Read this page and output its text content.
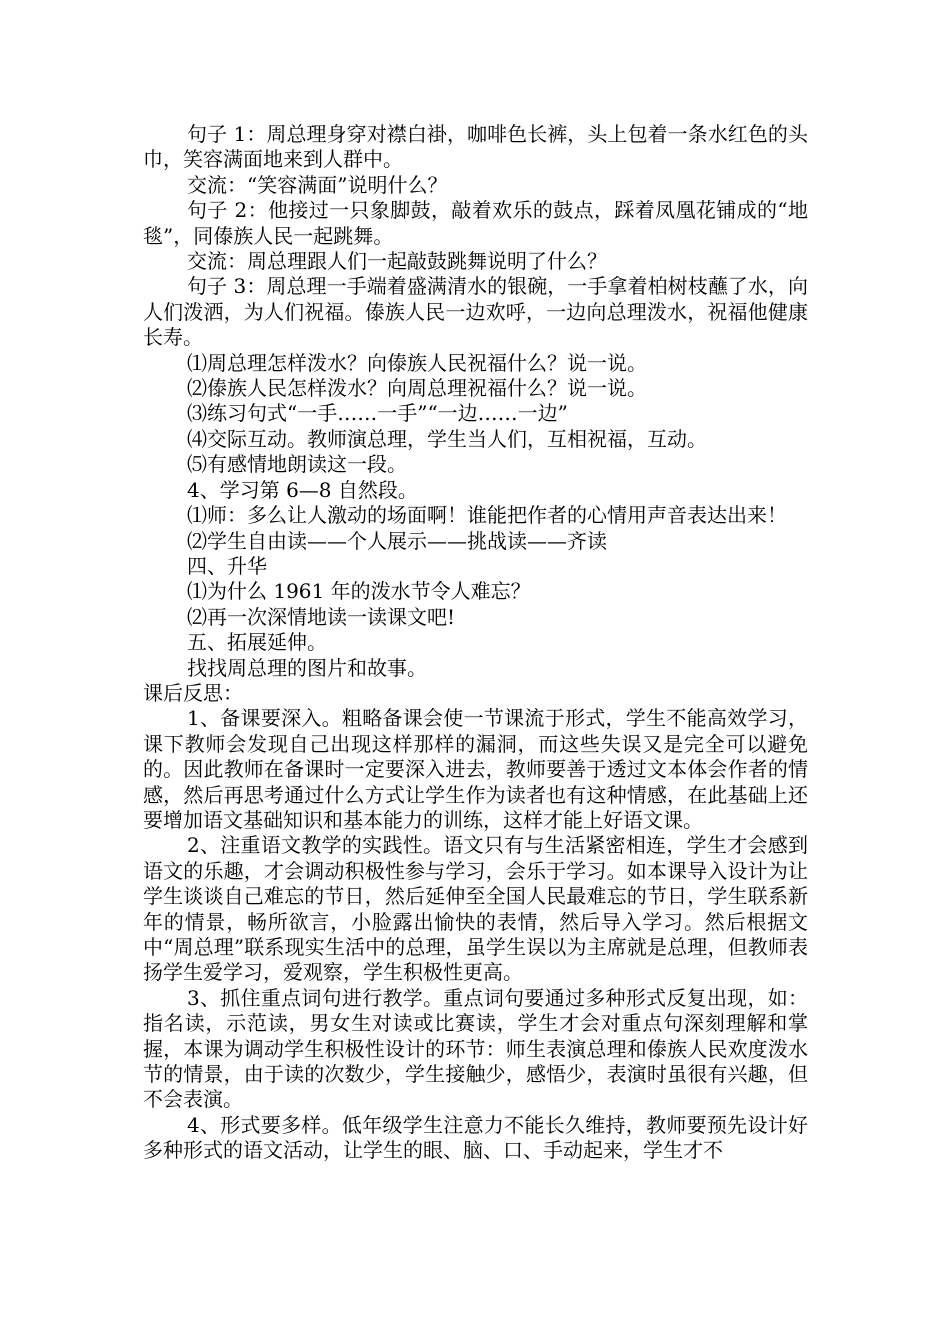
句子 1：周总理身穿对襟白褂，咖啡色长裤，头上包着一条水红色的头巾，笑容满面地来到人群中。

交流：“笑容满面”说明什么？

句子 2：他接过一只象脚鼓，敲着欢乐的鼓点，踩着凤凰花铺成的“地毯”，同傣族人民一起跳舞。

交流：周总理跟人们一起敲鼓跳舞说明了什么？

句子 3：周总理一手端着盛满清水的银碗，一手拿着柏树枝蘸了水，向人们泼洒，为人们祝福。傣族人民一边欢呼，一边向总理泼水，祝福他健康长寿。

⑴周总理怎样泼水？向傣族人民祝福什么？说一说。

⑵傣族人民怎样泼水？向周总理祝福什么？说一说。

⑶练习句式“一手……一手”“一边……一边”

⑷交际互动。教师演总理，学生当人们，互相祝福，互动。

⑸有感情地朗读这一段。

4、学习第 6—8 自然段。

⑴师：多么让人激动的场面啊！谁能把作者的心情用声音表达出来！

⑵学生自由读——个人展示——挑战读——齐读

四、升华

⑴为什么 1961 年的泼水节令人难忘？

⑵再一次深情地读一读课文吧!

五、拓展延伸。

找找周总理的图片和故事。

课后反思：

1、备课要深入。粗略备课会使一节课流于形式，学生不能高效学习，课下教师会发现自己出现这样那样的漏洞，而这些失误又是完全可以避免的。因此教师在备课时一定要深入进去，教师要善于透过文本体会作者的情感，然后再思考通过什么方式让学生作为读者也有这种情感，在此基础上还要增加语文基础知识和基本能力的训练，这样才能上好语文课。

2、注重语文教学的实践性。语文只有与生活紧密相连，学生才会感到语文的乐趣，才会调动积极性参与学习，会乐于学习。如本课导入设计为让学生谈谈自己难忘的节日，然后延伸至全国人民最难忘的节日，学生联系新年的情景，畅所欲言，小脸露出愉快的表情，然后导入学习。然后根据文中“周总理”联系现实生活中的总理，虽学生误以为主席就是总理，但教师表扬学生爱学习，爱观察，学生积极性更高。

3、抓住重点词句进行教学。重点词句要通过多种形式反复出现，如：指名读，示范读，男女生对读或比赛读，学生才会对重点句深刻理解和掌握，本课为调动学生积极性设计的环节：师生表演总理和傣族人民欢度泼水节的情景，由于读的次数少，学生接触少，感悟少，表演时虽很有兴趣，但不会表演。

4、形式要多样。低年级学生注意力不能长久维持，教师要预先设计好多种形式的语文活动，让学生的眼、脑、口、手动起来，学生才不
